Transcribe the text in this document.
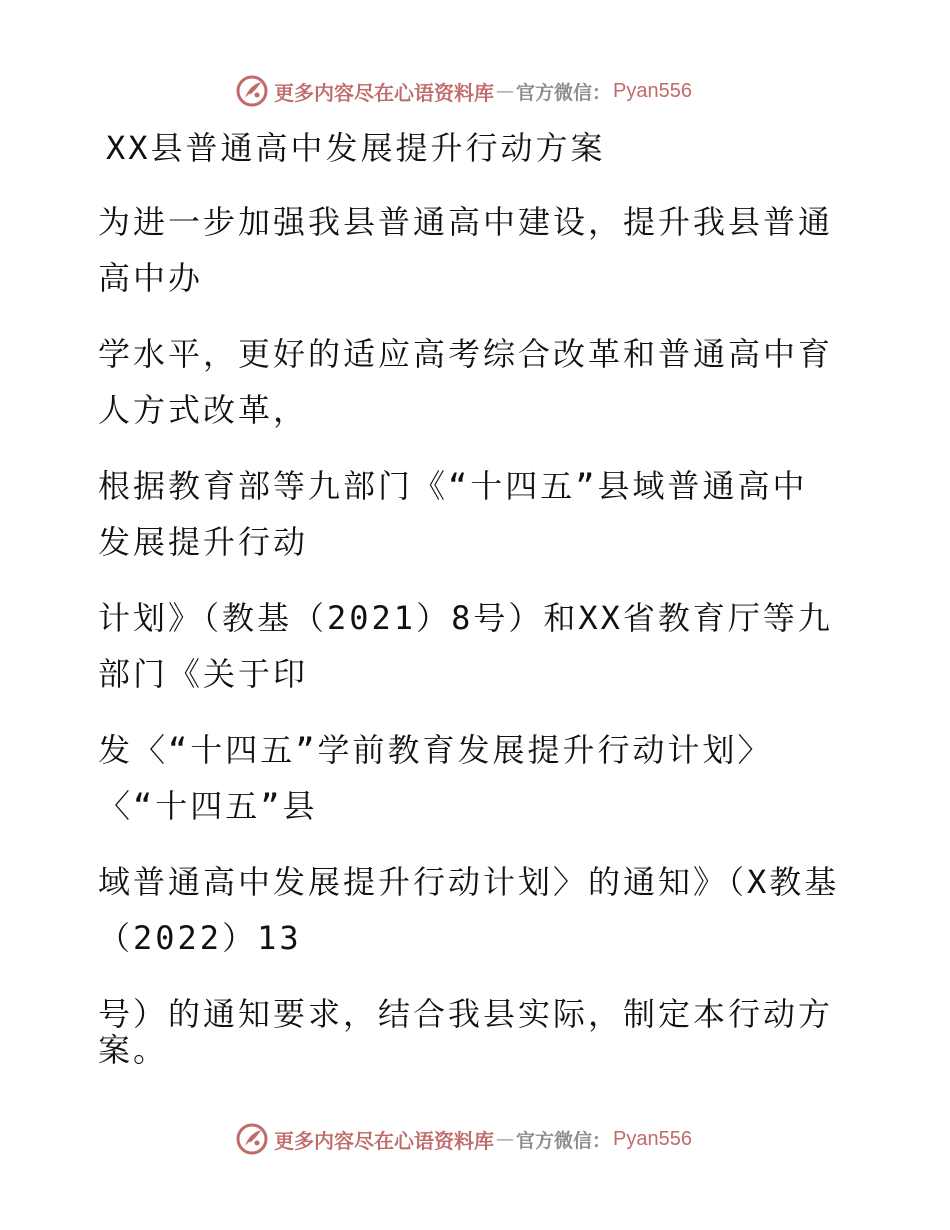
更多内容尽在心语资料库 — 官方微信： Pyan556
XX县普通高中发展提升行动方案
为进一步加强我县普通高中建设，提升我县普通
高中办
学水平，更好的适应高考综合改革和普通高中育
人方式改革，
根据教育部等九部门《“十四五”县域普通高中
发展提升行动
计划》（教基（2021）8号）和XX省教育厅等九
部门《关于印
发〈“十四五”学前教育发展提升行动计划〉
〈“十四五”县
域普通高中发展提升行动计划〉的通知》（X教基
（2022）13
号）的通知要求，结合我县实际，制定本行动方
案。
更多内容尽在心语资料库 — 官方微信： Pyan556
